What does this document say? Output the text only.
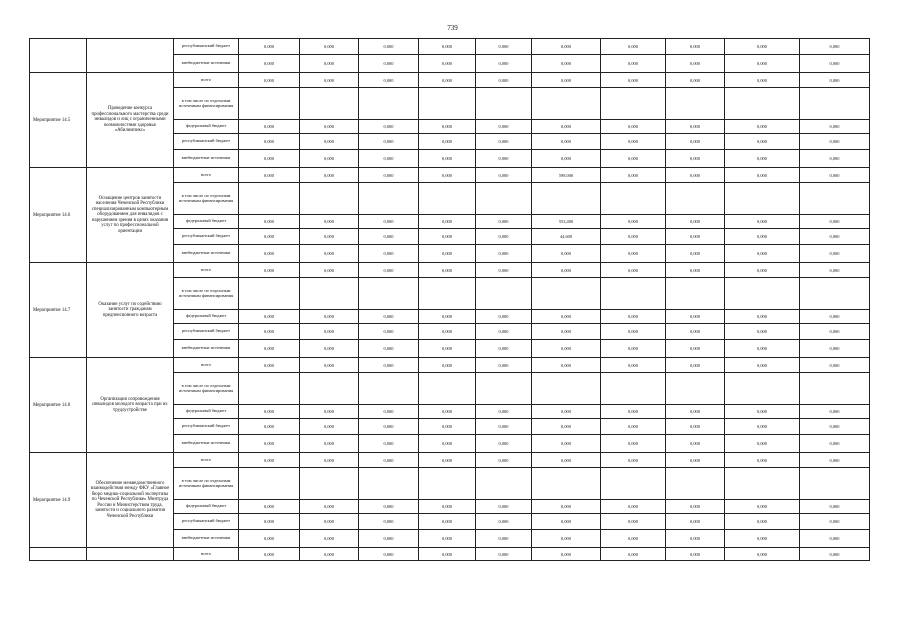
739
		республиканский бюджет	0,000	0,000	0,000	0,000	0,000	0,000	0,000	0,000	0,000	0,000	
		внебюджетные источники	0,000	0,000	0,000	0,000	0,000	0,000	0,000	0,000	0,000	0,000	
Мероприятие 14.5	Проведение конкурса профессионального мастерства среди инвалидов и лиц с ограниченными возможностями здоровья «Абилимпикс»	всего	0,000	0,000	0,000	0,000	0,000	0,000	0,000	0,000	0,000	0,000	
		в том числе по отдельным источникам финансирования											
		федеральный бюджет	0,000	0,000	0,000	0,000	0,000	0,000	0,000	0,000	0,000	0,000	
		республиканский бюджет	0,000	0,000	0,000	0,000	0,000	0,000	0,000	0,000	0,000	0,000	
		внебюджетные источники	0,000	0,000	0,000	0,000	0,000	0,000	0,000	0,000	0,000	0,000	
Мероприятие 14.6	Оснащение центров занятости населения Чеченской Республики специализированным компьютерным оборудованием для инвалидов с нарушением зрения в целях оказания услуг по профессиональной ориентации	всего	0,000	0,000	0,000	0,000	0,000	598,000	0,000	0,000	0,000	0,000	
		в том числе по отдельным источникам финансирования											
		федеральный бюджет	0,000	0,000	0,000	0,000	0,000	553,400	0,000	0,000	0,000	0,000	
		республиканский бюджет	0,000	0,000	0,000	0,000	0,000	44,600	0,000	0,000	0,000	0,000	
		внебюджетные источники	0,000	0,000	0,000	0,000	0,000	0,000	0,000	0,000	0,000	0,000	
Мероприятие 14.7	Оказание услуг по содействию занятости гражданам предпенсионного возраста	всего	0,000	0,000	0,000	0,000	0,000	0,000	0,000	0,000	0,000	0,000	
		в том числе по отдельным источникам финансирования											
		федеральный бюджет	0,000	0,000	0,000	0,000	0,000	0,000	0,000	0,000	0,000	0,000	
		республиканский бюджет	0,000	0,000	0,000	0,000	0,000	0,000	0,000	0,000	0,000	0,000	
		внебюджетные источники	0,000	0,000	0,000	0,000	0,000	0,000	0,000	0,000	0,000	0,000	
Мероприятие 14.8	Организация сопровождения инвалидов молодого возраста при их трудоустройстве	всего	0,000	0,000	0,000	0,000	0,000	0,000	0,000	0,000	0,000	0,000	
		в том числе по отдельным источникам финансирования											
		федеральный бюджет	0,000	0,000	0,000	0,000	0,000	0,000	0,000	0,000	0,000	0,000	
		республиканский бюджет	0,000	0,000	0,000	0,000	0,000	0,000	0,000	0,000	0,000	0,000	
		внебюджетные источники	0,000	0,000	0,000	0,000	0,000	0,000	0,000	0,000	0,000	0,000	
Мероприятие 14.9	Обеспечение межведомственного взаимодействия между ФКУ «Главное бюро медико-социальной экспертизы по Чеченской Республике» Минтруда России и Министерством труда, занятости и социального развития Чеченской Республики	всего	0,000	0,000	0,000	0,000	0,000	0,000	0,000	0,000	0,000	0,000	
		в том числе по отдельным источникам финансирования											
		федеральный бюджет	0,000	0,000	0,000	0,000	0,000	0,000	0,000	0,000	0,000	0,000	
		республиканский бюджет	0,000	0,000	0,000	0,000	0,000	0,000	0,000	0,000	0,000	0,000	
		внебюджетные источники	0,000	0,000	0,000	0,000	0,000	0,000	0,000	0,000	0,000	0,000	
		всего	0,000	0,000	0,000	0,000	0,000	0,000	0,000	0,000	0,000	0,000	
